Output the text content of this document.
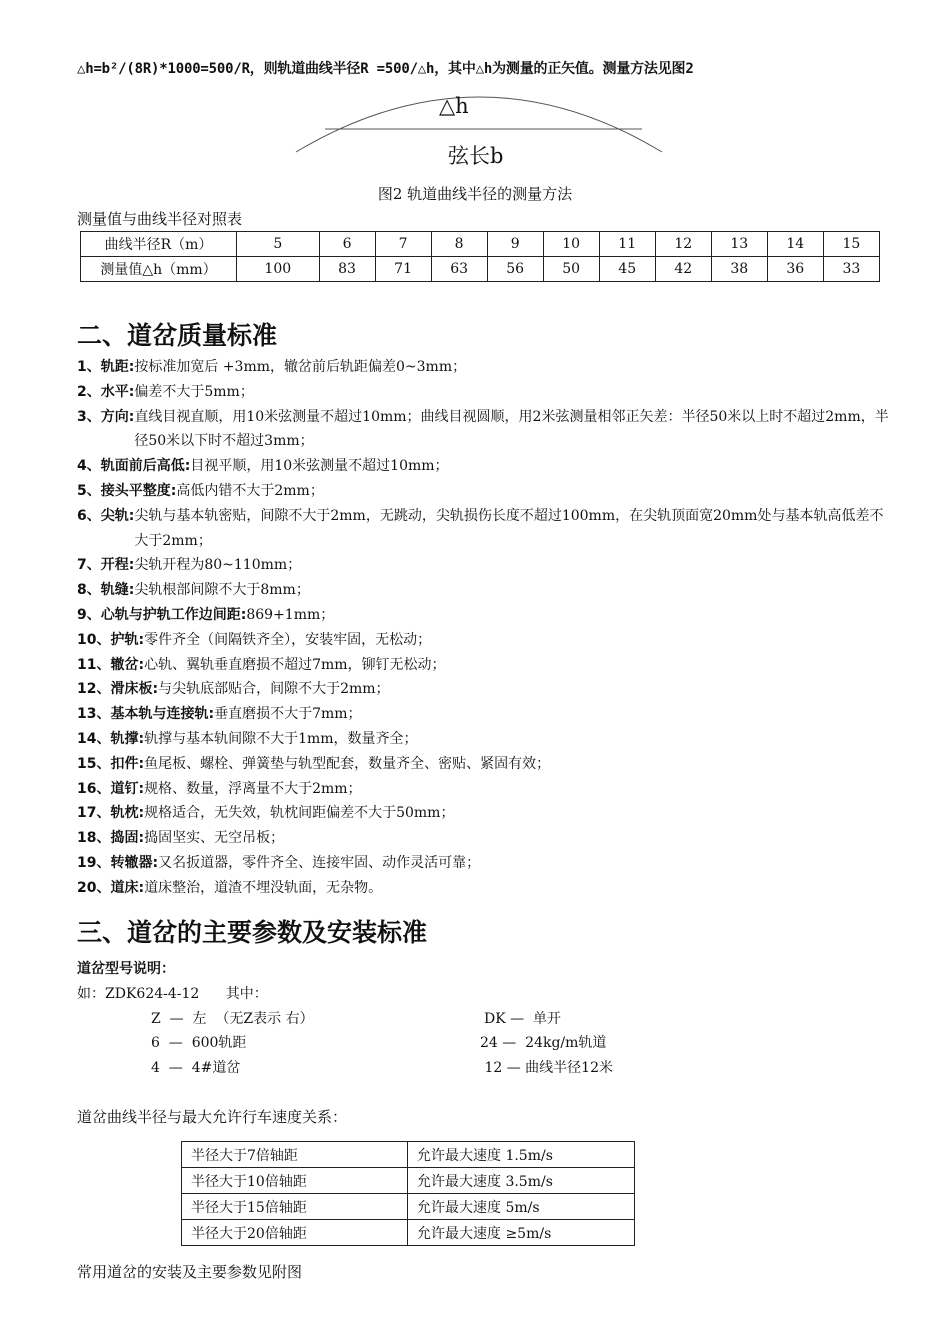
△h=b²/(8R)*1000=500/R，则轨道曲线半径R =500/△h，其中△h为测量的正矢值。测量方法见图2
△h
弦长b
图2 轨道曲线半径的测量方法
测量值与曲线半径对照表
曲线半径R（m）	5	6	7	8	9	10	11	12	13	14	15
测量值△h（mm）	100	83	71	63	56	50	45	42	38	36	33
二、道岔质量标准
1、 轨距: 按标准加宽后 +3mm，辙岔前后轨距偏差0~3mm；
2、 水平: 偏差不大于5mm；
3、 方向: 直线目视直顺，用10米弦测量不超过10mm；曲线目视圆顺，用2米弦测量相邻正矢差：半径50米以上时不超过2mm，半径50米以下时不超过3mm；
4、 轨面前后高低: 目视平顺，用10米弦测量不超过10mm；
5、 接头平整度: 高低内错不大于2mm；
6、 尖轨: 尖轨与基本轨密贴，间隙不大于2mm，无跳动，尖轨损伤长度不超过100mm，在尖轨顶面宽20mm处与基本轨高低差不大于2mm；
7、 开程: 尖轨开程为80~110mm；
8、 轨缝: 尖轨根部间隙不大于8mm；
9、 心轨与护轨工作边间距: 869+1mm；
10、 护轨: 零件齐全（间隔铁齐全），安装牢固，无松动；
11、 辙岔: 心轨、翼轨垂直磨损不超过7mm，铆钉无松动；
12、 滑床板: 与尖轨底部贴合，间隙不大于2mm；
13、 基本轨与连接轨: 垂直磨损不大于7mm；
14、 轨撑: 轨撑与基本轨间隙不大于1mm，数量齐全；
15、 扣件: 鱼尾板、螺栓、弹簧垫与轨型配套，数量齐全、密贴、紧固有效；
16、 道钉: 规格、数量，浮离量不大于2mm；
17、 轨枕: 规格适合，无失效，轨枕间距偏差不大于50mm；
18、 捣固: 捣固坚实、无空吊板；
19、 转辙器: 又名扳道器，零件齐全、连接牢固、动作灵活可靠；
20、 道床: 道床整治，道渣不埋没轨面，无杂物。
三、道岔的主要参数及安装标准
道岔型号说明：
如：ZDK624-4-12 其中：
Z  —  左  （无Z表示 右）
6  —  600轨距
4  —  4#道岔
DK —  单开
24 —  24kg/m轨道
12 — 曲线半径12米
道岔曲线半径与最大允许行车速度关系：
半径大于7倍轴距	允许最大速度 1.5m/s
半径大于10倍轴距	允许最大速度 3.5m/s
半径大于15倍轴距	允许最大速度 5m/s
半径大于20倍轴距	允许最大速度 ≥5m/s
常用道岔的安装及主要参数见附图
